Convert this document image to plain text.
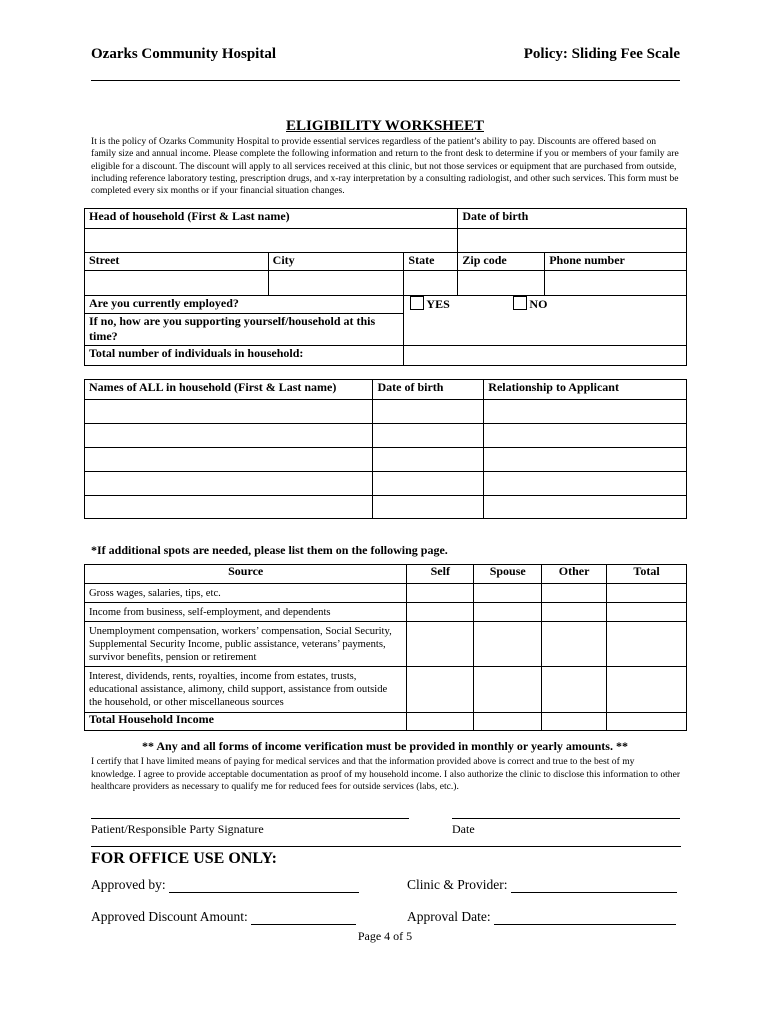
Ozarks Community Hospital	Policy: Sliding Fee Scale
ELIGIBILITY WORKSHEET
It is the policy of Ozarks Community Hospital to provide essential services regardless of the patient’s ability to pay. Discounts are offered based on family size and annual income. Please complete the following information and return to the front desk to determine if you or members of your family are eligible for a discount. The discount will apply to all services received at this clinic, but not those services or equipment that are purchased from outside, including reference laboratory testing, prescription drugs, and x-ray interpretation by a consulting radiologist, and other such services. This form must be completed every six months or if your financial situation changes.
Head of household (First & Last name)			Date of birth	

Street	City	State	Zip code	Phone number

Are you currently employed?		YES NO		
If no, how are you supporting yourself/household at this time?				
Total number of individuals in household:				
Names of ALL in household (First & Last name)	Date of birth	Relationship to Applicant

*If additional spots are needed, please list them on the following page.
Source	Self	Spouse	Other	Total
Gross wages, salaries, tips, etc.				
Income from business, self-employment, and dependents				
Unemployment compensation, workers’ compensation, Social Security, Supplemental Security Income, public assistance, veterans’ payments, survivor benefits, pension or retirement				
Interest, dividends, rents, royalties, income from estates, trusts, educational assistance, alimony, child support, assistance from outside the household, or other miscellaneous sources				
Total Household Income				
** Any and all forms of income verification must be provided in monthly or yearly amounts. **
I certify that I have limited means of paying for medical services and that the information provided above is correct and true to the best of my knowledge. I agree to provide acceptable documentation as proof of my household income. I also authorize the clinic to disclose this information to other healthcare providers as necessary to qualify me for reduced fees for outside services (labs, etc.).
Patient/Responsible Party Signature	Date
FOR OFFICE USE ONLY:
Approved by:	Clinic & Provider:
Approved Discount Amount:	Approval Date:
Page 4 of 5
